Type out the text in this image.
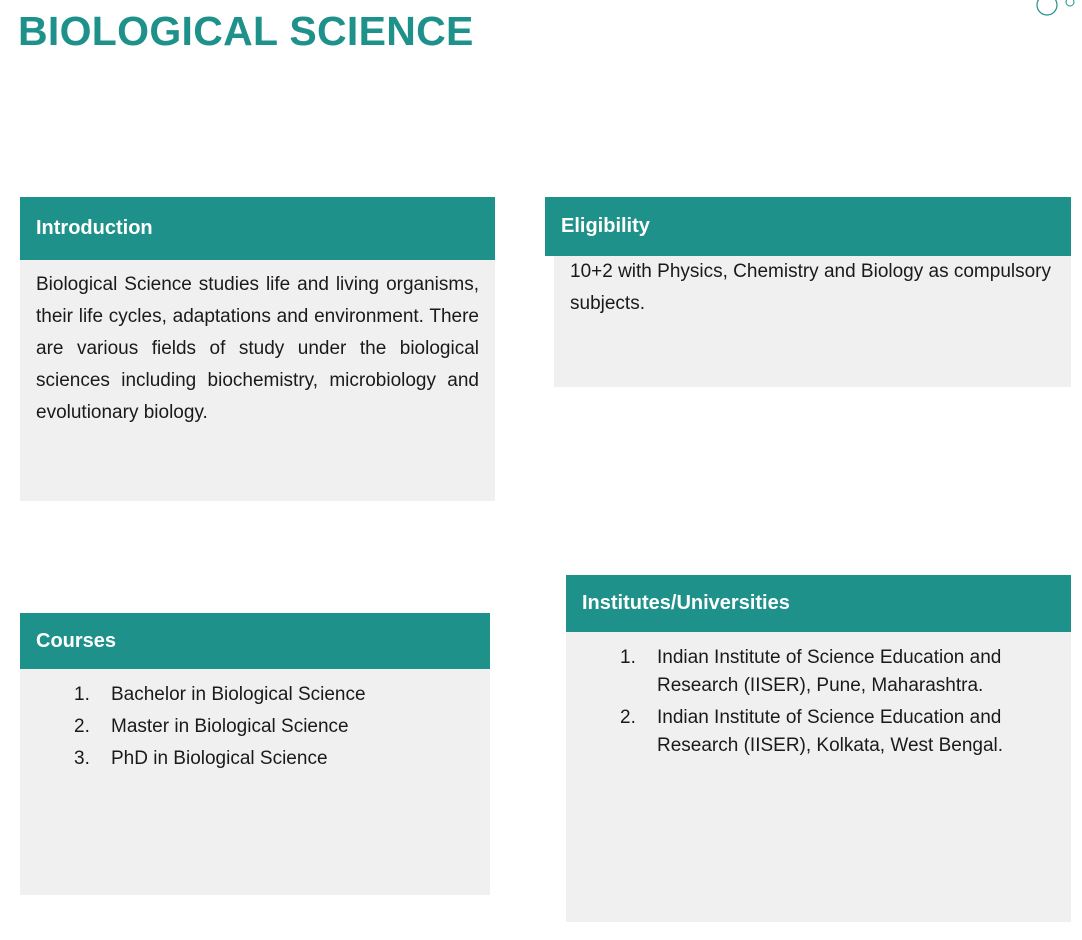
BIOLOGICAL SCIENCE
Introduction

Biological Science studies life and living organisms, their life cycles, adaptations and environment. There are various fields of study under the biological sciences including biochemistry, microbiology and evolutionary biology.

Eligibility

10+2 with Physics, Chemistry and Biology as compulsory subjects.

Courses
1.	Bachelor in Biological Science
2.	Master in Biological Science
3.	PhD in Biological Science
Institutes/Universities
1.	Indian Institute of Science Education and Research (IISER), Pune, Maharashtra.
2.	Indian Institute of Science Education and Research (IISER), Kolkata, West Bengal.
